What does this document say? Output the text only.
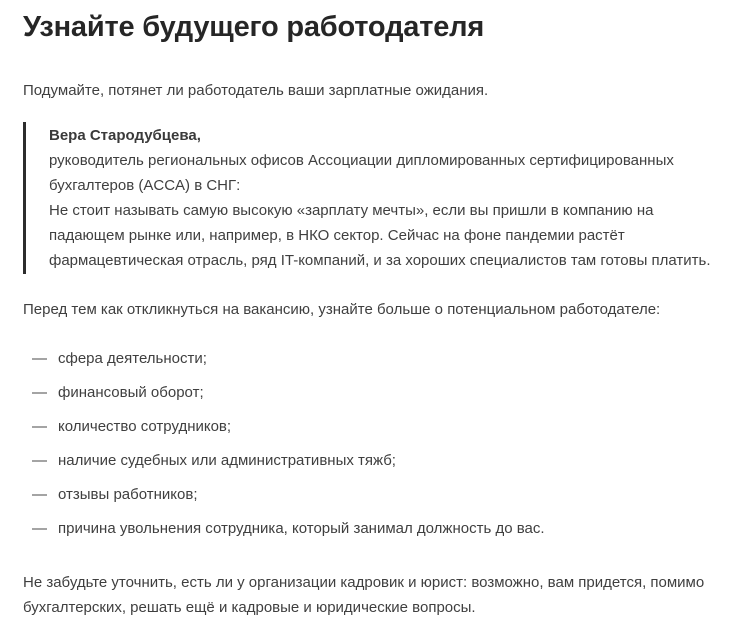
Узнайте будущего работодателя

Подумайте, потянет ли работодатель ваши зарплатные ожидания.

Вера Стародубцева,
руководитель региональных офисов Ассоциации дипломированных сертифицированных бухгалтеров (ACCA) в СНГ:
Не стоит называть самую высокую «зарплату мечты», если вы пришли в компанию на падающем рынке или, например, в НКО сектор. Сейчас на фоне пандемии растёт фармацевтическая отрасль, ряд IT-компаний, и за хороших специалистов там готовы платить.

Перед тем как откликнуться на вакансию, узнайте больше о потенциальном работодателе:

— сфера деятельности;
— финансовый оборот;
— количество сотрудников;
— наличие судебных или административных тяжб;
— отзывы работников;
— причина увольнения сотрудника, который занимал должность до вас.

Не забудьте уточнить, есть ли у организации кадровик и юрист: возможно, вам придется, помимо бухгалтерских, решать ещё и кадровые и юридические вопросы.
